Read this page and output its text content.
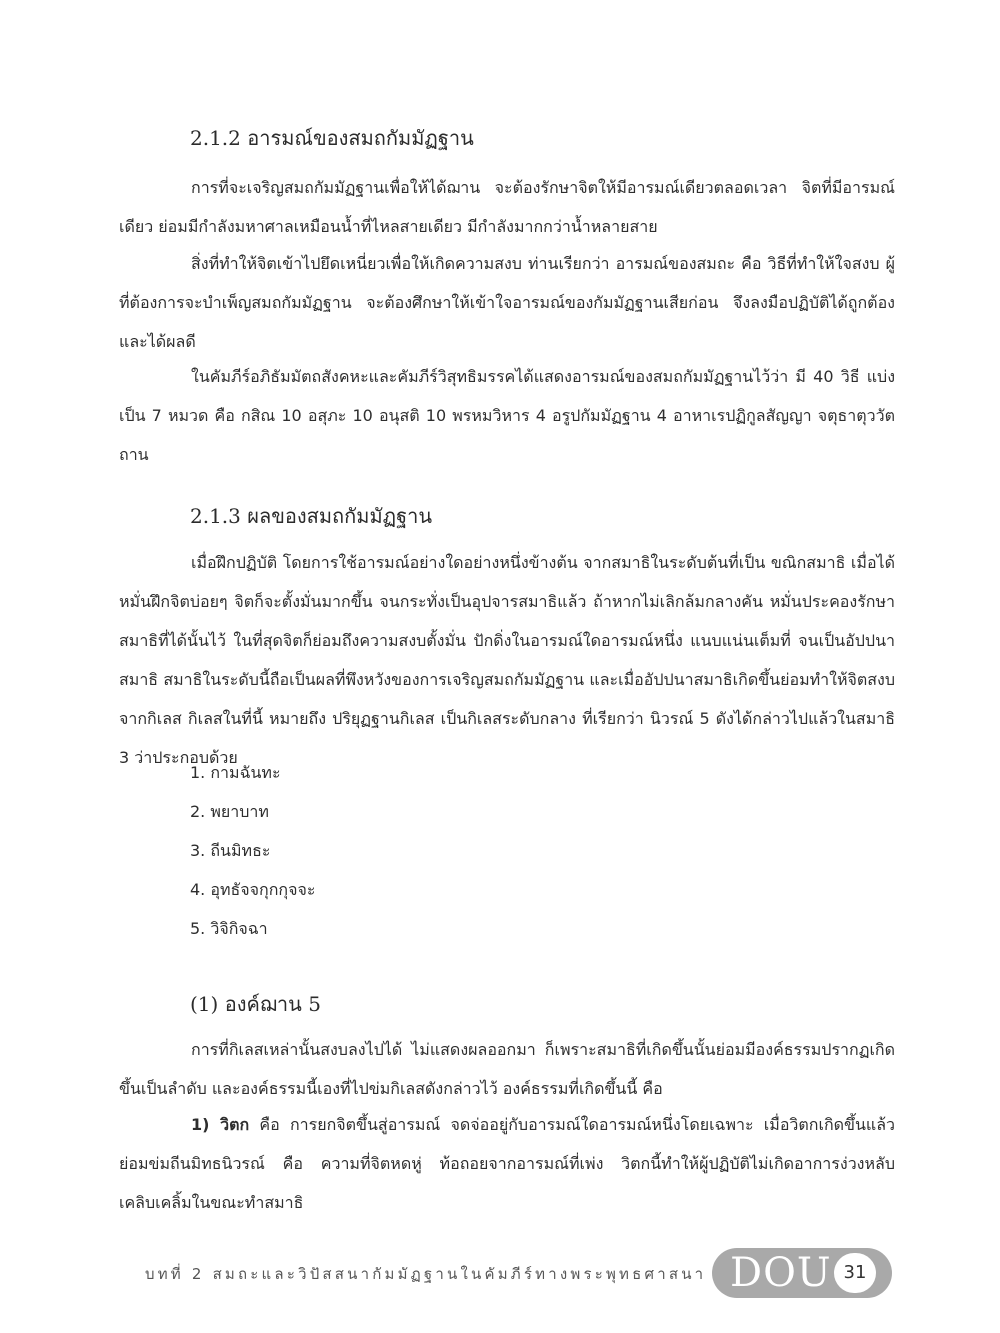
2.1.2 อารมณ์ของสมถกัมมัฏฐาน

การที่จะเจริญสมถกัมมัฏฐานเพื่อให้ได้ฌาน จะต้องรักษาจิตให้มีอารมณ์เดียวตลอดเวลา จิตที่มีอารมณ์เดียว ย่อมมีกำลังมหาศาลเหมือนน้ำที่ไหลสายเดียว มีกำลังมากกว่าน้ำหลายสาย

สิ่งที่ทำให้จิตเข้าไปยึดเหนี่ยวเพื่อให้เกิดความสงบ ท่านเรียกว่า อารมณ์ของสมถะ คือ วิธีที่ทำให้ใจสงบ ผู้ที่ต้องการจะบำเพ็ญสมถกัมมัฏฐาน จะต้องศึกษาให้เข้าใจอารมณ์ของกัมมัฏฐานเสียก่อน จึงลงมือปฏิบัติได้ถูกต้องและได้ผลดี

ในคัมภีร์อภิธัมมัตถสังคหะและคัมภีร์วิสุทธิมรรคได้แสดงอารมณ์ของสมถกัมมัฏฐานไว้ว่า มี 40 วิธี แบ่งเป็น 7 หมวด คือ กสิณ 10 อสุภะ 10 อนุสติ 10 พรหมวิหาร 4 อรูปกัมมัฏฐาน 4 อาหาเรปฏิกูลสัญญา จตุธาตุววัตถาน

2.1.3 ผลของสมถกัมมัฏฐาน

เมื่อฝึกปฏิบัติ โดยการใช้อารมณ์อย่างใดอย่างหนึ่งข้างต้น จากสมาธิในระดับต้นที่เป็น ขณิกสมาธิ เมื่อได้หมั่นฝึกจิตบ่อยๆ จิตก็จะตั้งมั่นมากขึ้น จนกระทั่งเป็นอุปจารสมาธิแล้ว ถ้าหากไม่เลิกล้มกลางคัน หมั่นประคองรักษาสมาธิที่ได้นั้นไว้ ในที่สุดจิตก็ย่อมถึงความสงบตั้งมั่น ปักดิ่งในอารมณ์ใดอารมณ์หนึ่ง แนบแน่นเต็มที่ จนเป็นอัปปนาสมาธิ สมาธิในระดับนี้ถือเป็นผลที่พึงหวังของการเจริญสมถกัมมัฏฐาน และเมื่ออัปปนาสมาธิเกิดขึ้นย่อมทำให้จิตสงบจากกิเลส กิเลสในที่นี้ หมายถึง ปริยุฏฐานกิเลส เป็นกิเลสระดับกลาง ที่เรียกว่า นิวรณ์ 5 ดังได้กล่าวไปแล้วในสมาธิ 3 ว่าประกอบด้วย

1. กามฉันทะ
2. พยาบาท
3. ถีนมิทธะ
4. อุทธัจจกุกกุจจะ
5. วิจิกิจฉา
(1) องค์ฌาน 5

การที่กิเลสเหล่านั้นสงบลงไปได้ ไม่แสดงผลออกมา ก็เพราะสมาธิที่เกิดขึ้นนั้นย่อมมีองค์ธรรมปรากฏเกิดขึ้นเป็นลำดับ และองค์ธรรมนี้เองที่ไปข่มกิเลสดังกล่าวไว้ องค์ธรรมที่เกิดขึ้นนี้ คือ

1) วิตก คือ การยกจิตขึ้นสู่อารมณ์ จดจ่ออยู่กับอารมณ์ใดอารมณ์หนึ่งโดยเฉพาะ เมื่อวิตกเกิดขึ้นแล้ว ย่อมข่มถีนมิทธนิวรณ์ คือ ความที่จิตหดหู่ ท้อถอยจากอารมณ์ที่เพ่ง วิตกนี้ทำให้ผู้ปฏิบัติไม่เกิดอาการง่วงหลับ เคลิบเคลิ้มในขณะทำสมาธิ

บทที่ 2 สมถะและวิปัสสนากัมมัฏฐานในคัมภีร์ทางพระพุทธศาสนา DOU 31
